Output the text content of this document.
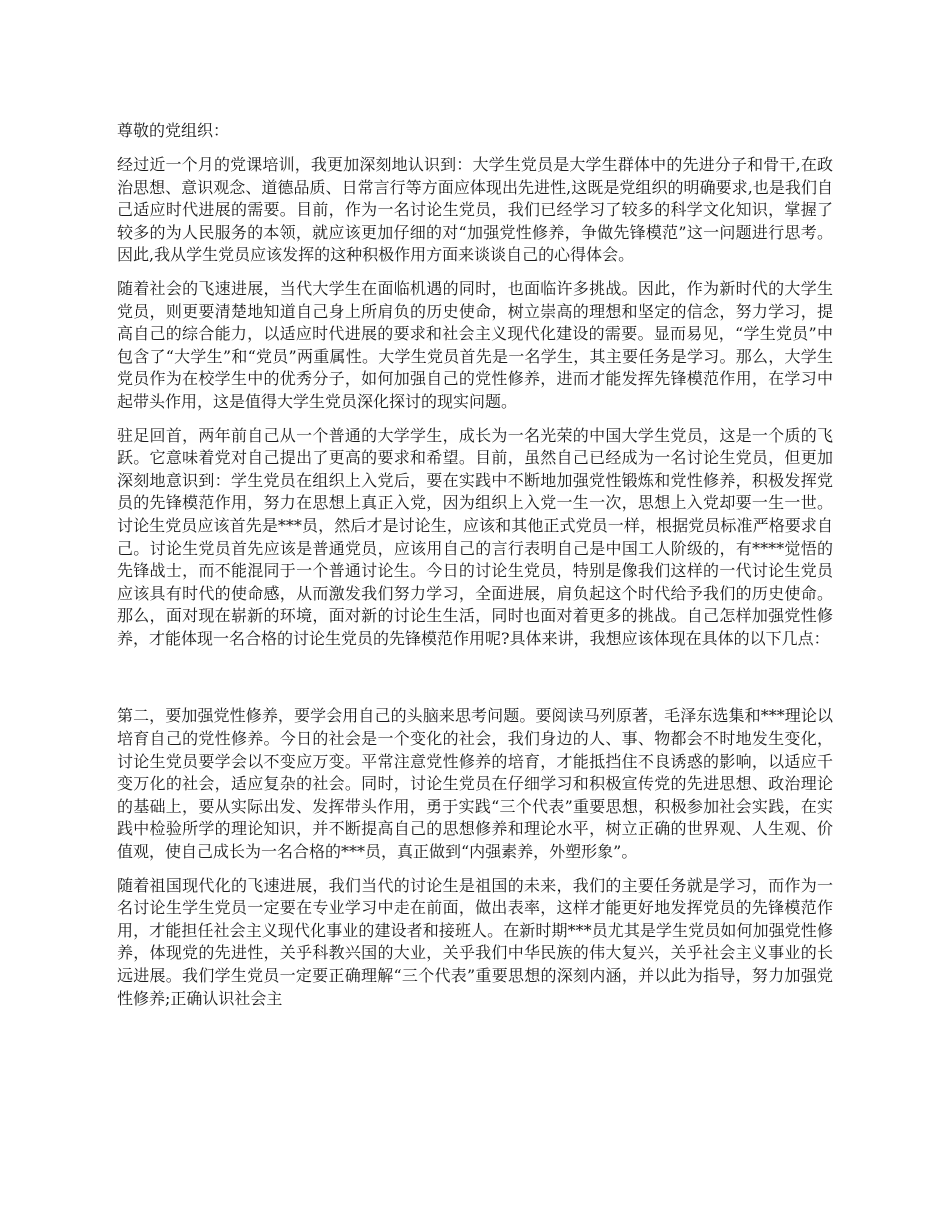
尊敬的党组织：

经过近一个月的党课培训，我更加深刻地认识到：大学生党员是大学生群体中的先进分子和骨干,在政治思想、意识观念、道德品质、日常言行等方面应体现出先进性,这既是党组织的明确要求,也是我们自己适应时代进展的需要。目前，作为一名讨论生党员，我们已经学习了较多的科学文化知识，掌握了较多的为人民服务的本领，就应该更加仔细的对“加强党性修养，争做先锋模范”这一问题进行思考。因此,我从学生党员应该发挥的这种积极作用方面来谈谈自己的心得体会。

随着社会的飞速进展，当代大学生在面临机遇的同时，也面临许多挑战。因此，作为新时代的大学生党员，则更要清楚地知道自己身上所肩负的历史使命，树立崇高的理想和坚定的信念，努力学习，提高自己的综合能力，以适应时代进展的要求和社会主义现代化建设的需要。显而易见，“学生党员”中包含了“大学生”和“党员”两重属性。大学生党员首先是一名学生，其主要任务是学习。那么，大学生党员作为在校学生中的优秀分子，如何加强自己的党性修养，进而才能发挥先锋模范作用，在学习中起带头作用，这是值得大学生党员深化探讨的现实问题。

驻足回首，两年前自己从一个普通的大学学生，成长为一名光荣的中国大学生党员，这是一个质的飞跃。它意味着党对自己提出了更高的要求和希望。目前，虽然自己已经成为一名讨论生党员，但更加深刻地意识到：学生党员在组织上入党后，要在实践中不断地加强党性锻炼和党性修养，积极发挥党员的先锋模范作用，努力在思想上真正入党，因为组织上入党一生一次，思想上入党却要一生一世。讨论生党员应该首先是***员，然后才是讨论生，应该和其他正式党员一样，根据党员标准严格要求自己。讨论生党员首先应该是普通党员，应该用自己的言行表明自己是中国工人阶级的，有****觉悟的先锋战士，而不能混同于一个普通讨论生。今日的讨论生党员，特别是像我们这样的一代讨论生党员应该具有时代的使命感，从而激发我们努力学习，全面进展，肩负起这个时代给予我们的历史使命。那么，面对现在崭新的环境，面对新的讨论生生活，同时也面对着更多的挑战。自己怎样加强党性修养，才能体现一名合格的讨论生党员的先锋模范作用呢?具体来讲，我想应该体现在具体的以下几点：

第二，要加强党性修养，要学会用自己的头脑来思考问题。要阅读马列原著，毛泽东选集和***理论以培育自己的党性修养。今日的社会是一个变化的社会，我们身边的人、事、物都会不时地发生变化，讨论生党员要学会以不变应万变。平常注意党性修养的培育，才能抵挡住不良诱惑的影响，以适应千变万化的社会，适应复杂的社会。同时，讨论生党员在仔细学习和积极宣传党的先进思想、政治理论的基础上，要从实际出发、发挥带头作用，勇于实践“三个代表”重要思想，积极参加社会实践，在实践中检验所学的理论知识，并不断提高自己的思想修养和理论水平，树立正确的世界观、人生观、价值观，使自己成长为一名合格的***员，真正做到“内强素养，外塑形象”。

随着祖国现代化的飞速进展，我们当代的讨论生是祖国的未来，我们的主要任务就是学习，而作为一名讨论生学生党员一定要在专业学习中走在前面，做出表率，这样才能更好地发挥党员的先锋模范作用，才能担任社会主义现代化事业的建设者和接班人。在新时期***员尤其是学生党员如何加强党性修养，体现党的先进性，关乎科教兴国的大业，关乎我们中华民族的伟大复兴，关乎社会主义事业的长远进展。我们学生党员一定要正确理解“三个代表”重要思想的深刻内涵，并以此为指导，努力加强党性修养;正确认识社会主
